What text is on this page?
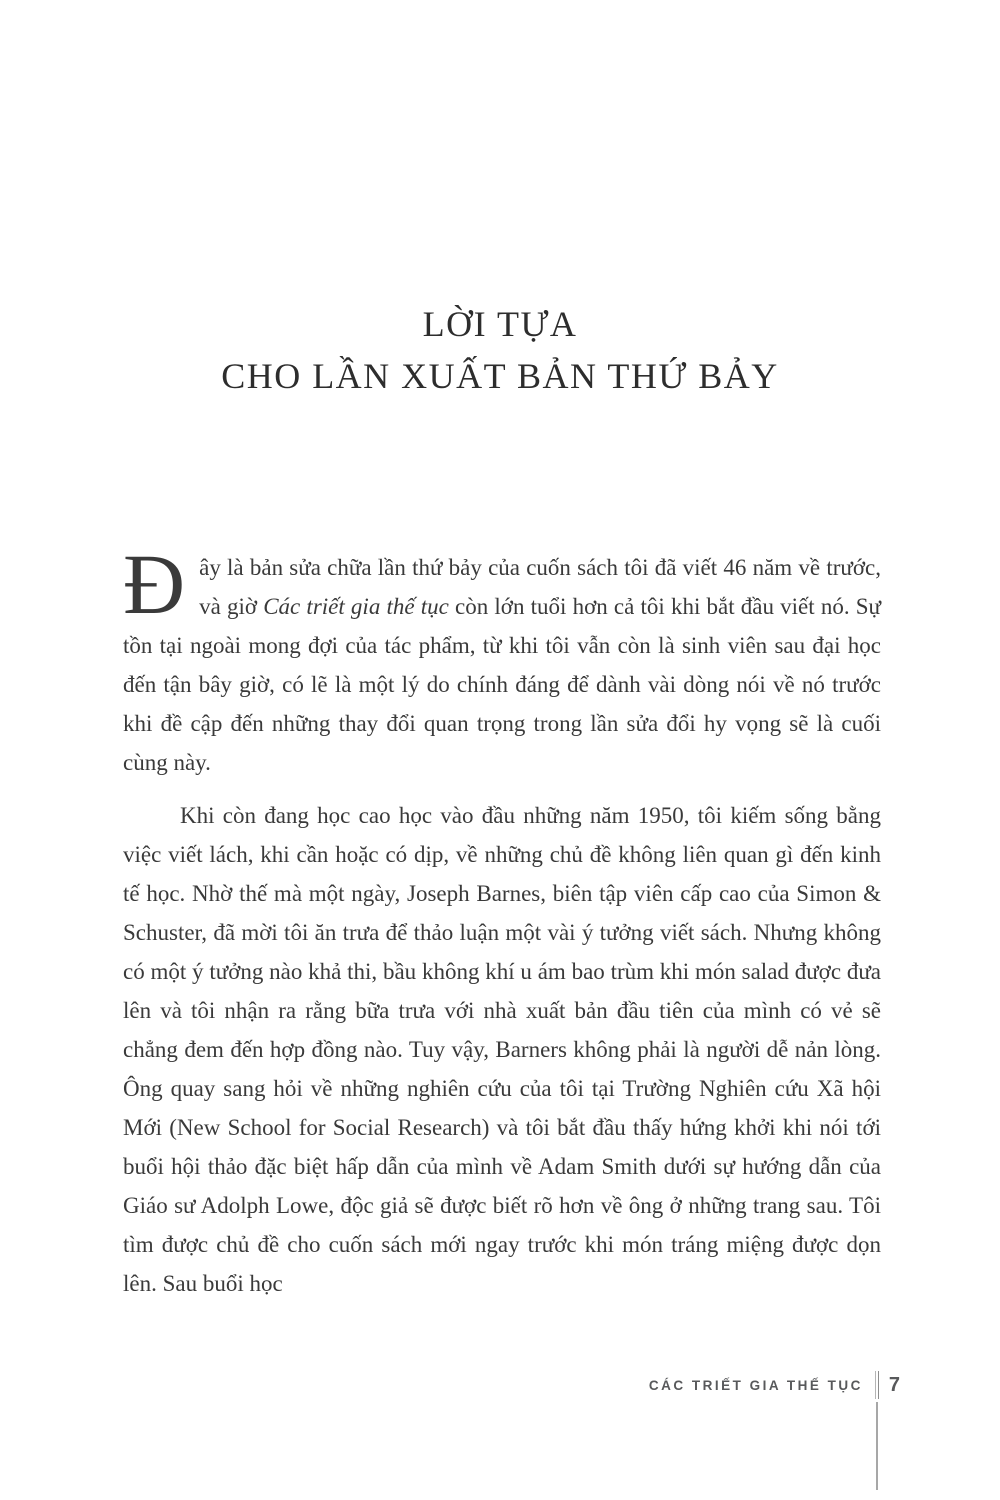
LỜI TỰA
CHO LẦN XUẤT BẢN THỨ BẢY

Đ ây là bản sửa chữa lần thứ bảy của cuốn sách tôi đã viết 46 năm về trước, và giờ Các triết gia thế tục còn lớn tuổi hơn cả tôi khi bắt đầu viết nó. Sự tồn tại ngoài mong đợi của tác phẩm, từ khi tôi vẫn còn là sinh viên sau đại học đến tận bây giờ, có lẽ là một lý do chính đáng để dành vài dòng nói về nó trước khi đề cập đến những thay đổi quan trọng trong lần sửa đổi hy vọng sẽ là cuối cùng này.

Khi còn đang học cao học vào đầu những năm 1950, tôi kiếm sống bằng việc viết lách, khi cần hoặc có dịp, về những chủ đề không liên quan gì đến kinh tế học. Nhờ thế mà một ngày, Joseph Barnes, biên tập viên cấp cao của Simon & Schuster, đã mời tôi ăn trưa để thảo luận một vài ý tưởng viết sách. Nhưng không có một ý tưởng nào khả thi, bầu không khí u ám bao trùm khi món salad được đưa lên và tôi nhận ra rằng bữa trưa với nhà xuất bản đầu tiên của mình có vẻ sẽ chẳng đem đến hợp đồng nào. Tuy vậy, Barners không phải là người dễ nản lòng. Ông quay sang hỏi về những nghiên cứu của tôi tại Trường Nghiên cứu Xã hội Mới (New School for Social Research) và tôi bắt đầu thấy hứng khởi khi nói tới buổi hội thảo đặc biệt hấp dẫn của mình về Adam Smith dưới sự hướng dẫn của Giáo sư Adolph Lowe, độc giả sẽ được biết rõ hơn về ông ở những trang sau. Tôi tìm được chủ đề cho cuốn sách mới ngay trước khi món tráng miệng được dọn lên. Sau buổi học

CÁC TRIẾT GIA THẾ TỤC 7
